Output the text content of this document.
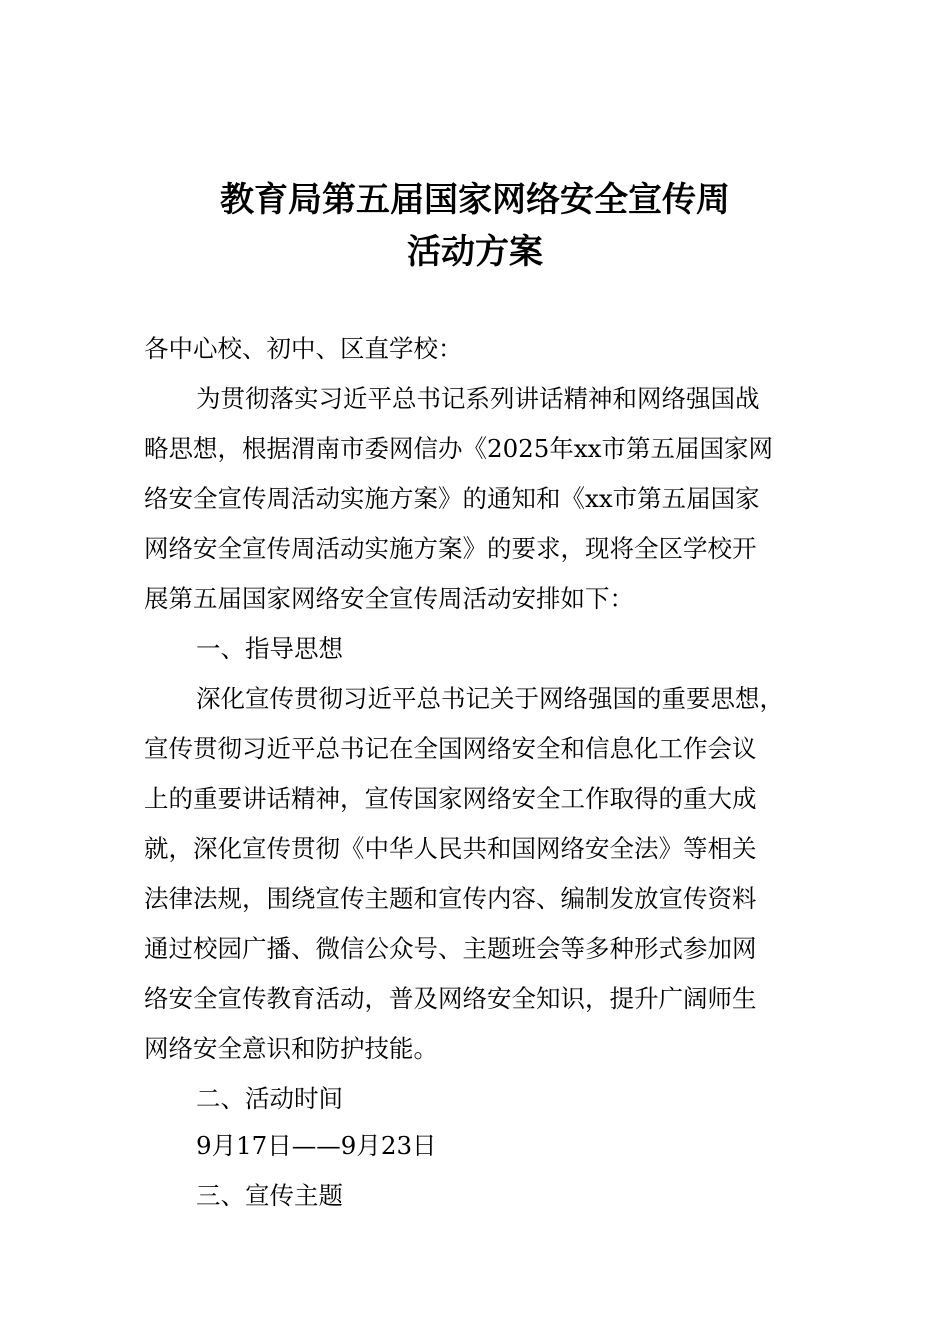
教育局第五届国家网络安全宣传周
活动方案
各中心校、初中、区直学校：
为贯彻落实习近平总书记系列讲话精神和网络强国战
略思想，根据渭南市委网信办《2025年xx市第五届国家网
络安全宣传周活动实施方案》的通知和《xx市第五届国家
网络安全宣传周活动实施方案》的要求，现将全区学校开
展第五届国家网络安全宣传周活动安排如下：
一、指导思想
深化宣传贯彻习近平总书记关于网络强国的重要思想，
宣传贯彻习近平总书记在全国网络安全和信息化工作会议
上的重要讲话精神，宣传国家网络安全工作取得的重大成
就，深化宣传贯彻《中华人民共和国网络安全法》等相关
法律法规，围绕宣传主题和宣传内容、编制发放宣传资料
通过校园广播、微信公众号、主题班会等多种形式参加网
络安全宣传教育活动，普及网络安全知识，提升广阔师生
网络安全意识和防护技能。
二、活动时间
9月17日——9月23日
三、宣传主题
